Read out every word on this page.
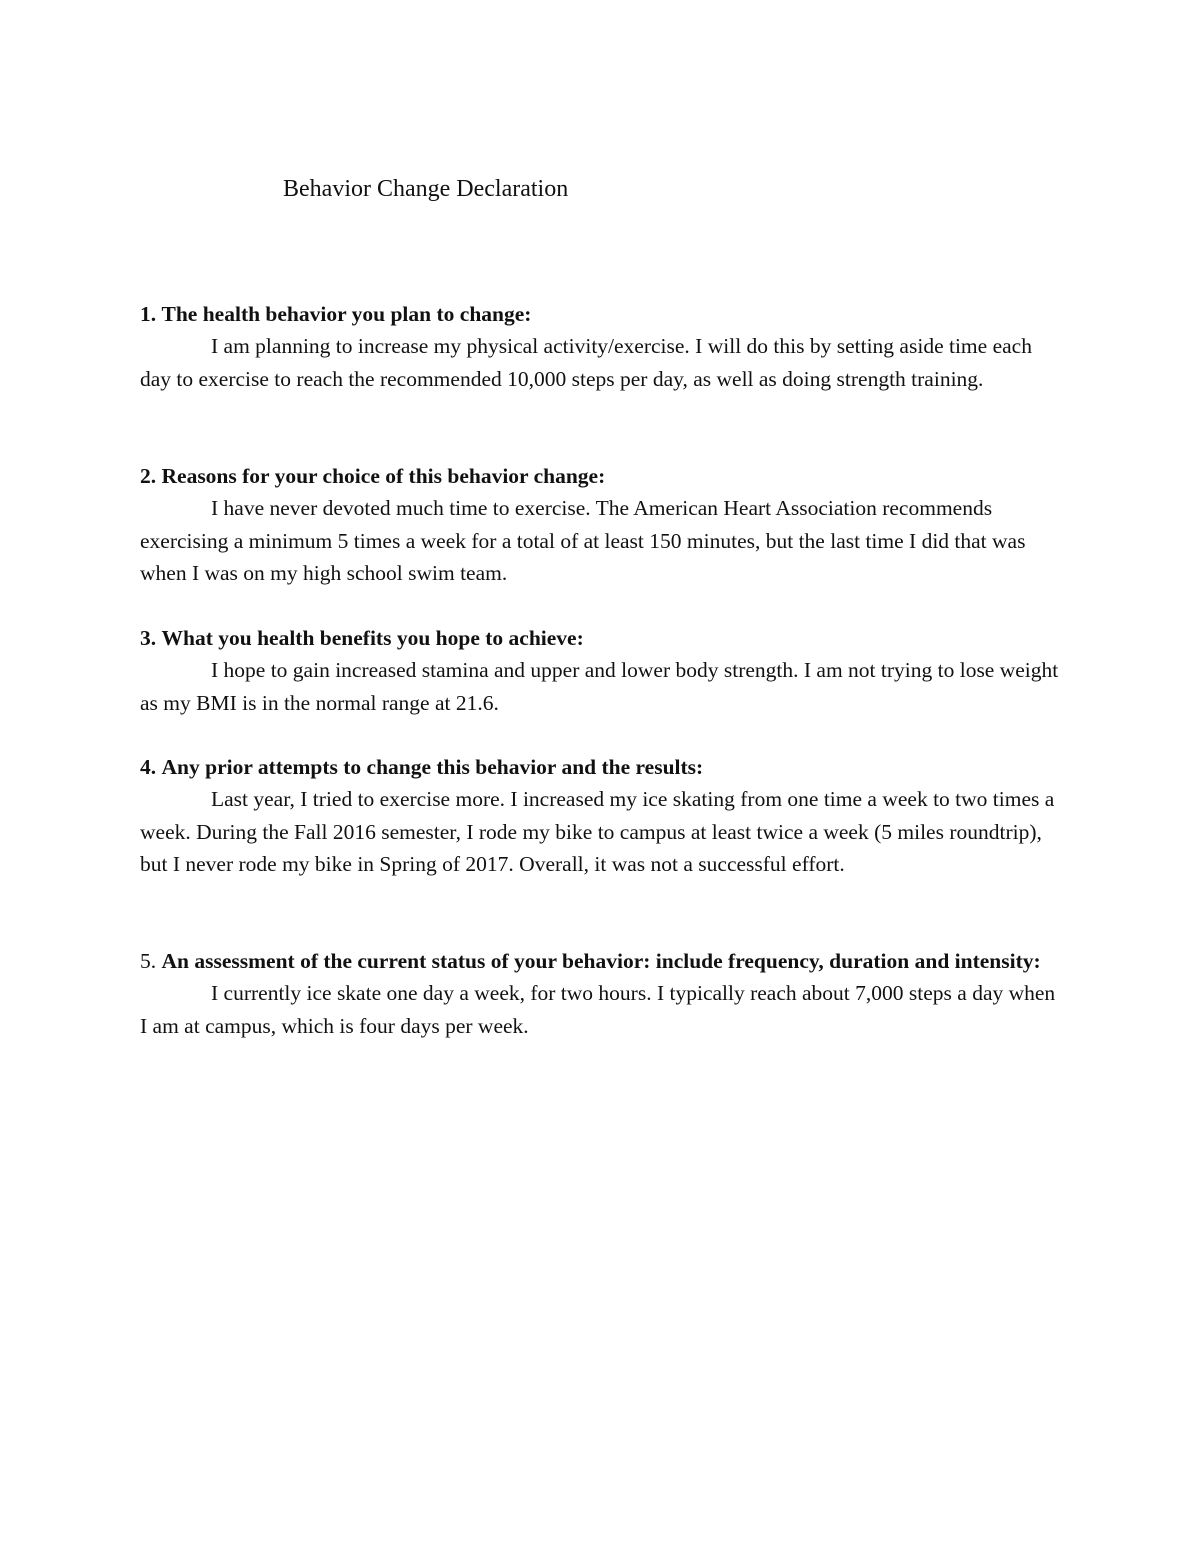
Behavior Change Declaration

1. The health behavior you plan to change:

I am planning to increase my physical activity/exercise. I will do this by setting aside time each day to exercise to reach the recommended 10,000 steps per day, as well as doing strength training.

2. Reasons for your choice of this behavior change:

I have never devoted much time to exercise. The American Heart Association recommends exercising a minimum 5 times a week for a total of at least 150 minutes, but the last time I did that was when I was on my high school swim team.

3. What you health benefits you hope to achieve:

I hope to gain increased stamina and upper and lower body strength. I am not trying to lose weight as my BMI is in the normal range at 21.6.

4. Any prior attempts to change this behavior and the results:

Last year, I tried to exercise more. I increased my ice skating from one time a week to two times a week. During the Fall 2016 semester, I rode my bike to campus at least twice a week (5 miles roundtrip), but I never rode my bike in Spring of 2017. Overall, it was not a successful effort.

5. An assessment of the current status of your behavior: include frequency, duration and intensity:

I currently ice skate one day a week, for two hours. I typically reach about 7,000 steps a day when I am at campus, which is four days per week.
